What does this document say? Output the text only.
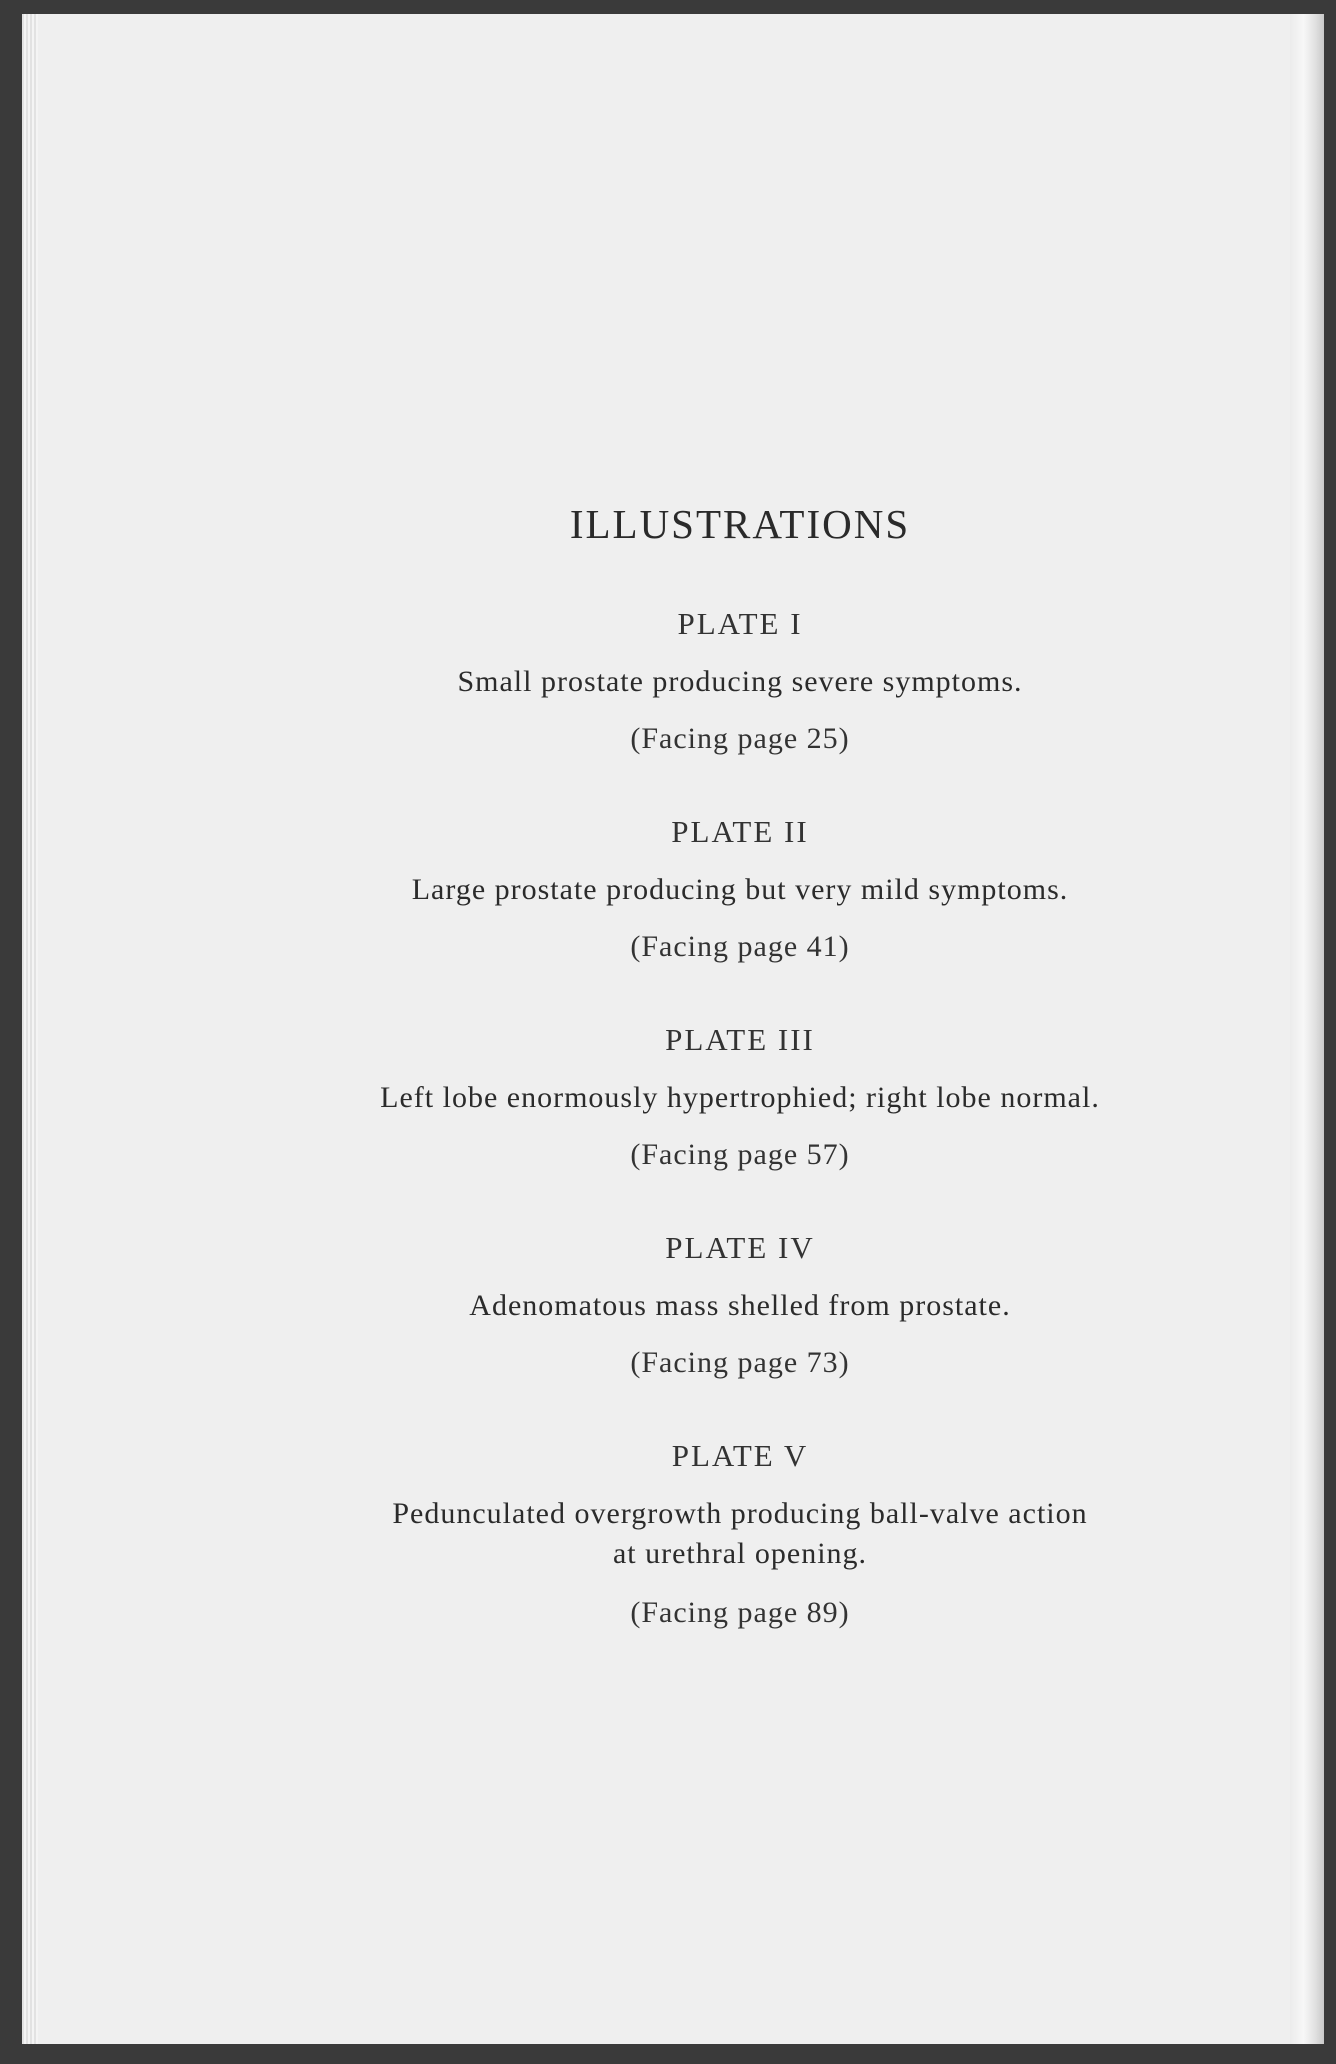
ILLUSTRATIONS
PLATE I
Small prostate producing severe symptoms.
(Facing page 25)
PLATE II
Large prostate producing but very mild symptoms.
(Facing page 41)
PLATE III
Left lobe enormously hypertrophied; right lobe normal.
(Facing page 57)
PLATE IV
Adenomatous mass shelled from prostate.
(Facing page 73)
PLATE V
Pedunculated overgrowth producing ball-valve action
at urethral opening.
(Facing page 89)
